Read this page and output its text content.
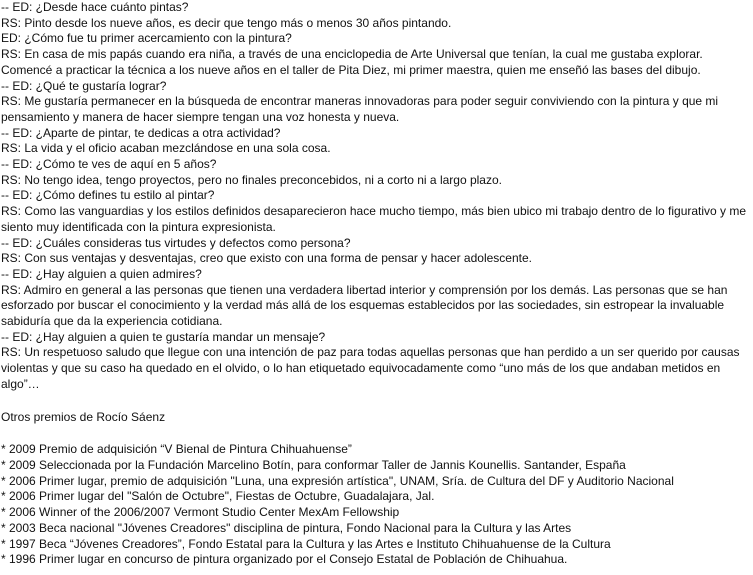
-- ED: ¿Desde hace cuánto pintas?

RS: Pinto desde los nueve años, es decir que tengo más o menos 30 años pintando.

ED: ¿Cómo fue tu primer acercamiento con la pintura?

RS: En casa de mis papás cuando era niña, a través de una enciclopedia de Arte Universal que tenían, la cual me gustaba explorar. Comencé a practicar la técnica a los nueve años en el taller de Pita Diez, mi primer maestra, quien me enseñó las bases del dibujo.

-- ED: ¿Qué te gustaría lograr?

RS: Me gustaría permanecer en la búsqueda de encontrar maneras innovadoras para poder seguir conviviendo con la pintura y que mi pensamiento y manera de hacer siempre tengan una voz honesta y nueva.

-- ED: ¿Aparte de pintar, te dedicas a otra actividad?

RS: La vida y el oficio acaban mezclándose en una sola cosa.

-- ED: ¿Cómo te ves de aquí en 5 años?

RS: No tengo idea, tengo proyectos, pero no finales preconcebidos, ni a corto ni a largo plazo.

-- ED: ¿Cómo defines tu estilo al pintar?

RS: Como las vanguardias y los estilos definidos desaparecieron hace mucho tiempo, más bien ubico mi trabajo dentro de lo figurativo y me siento muy identificada con la pintura expresionista.

-- ED: ¿Cuáles consideras tus virtudes y defectos como persona?

RS: Con sus ventajas y desventajas, creo que existo con una forma de pensar y hacer adolescente.

-- ED: ¿Hay alguien a quien admires?

RS: Admiro en general a las personas que tienen una verdadera libertad interior y comprensión por los demás. Las personas que se han esforzado por buscar el conocimiento y la verdad más allá de los esquemas establecidos por las sociedades, sin estropear la invaluable sabiduría que da la experiencia cotidiana.

-- ED: ¿Hay alguien a quien te gustaría mandar un mensaje?

RS: Un respetuoso saludo que llegue con una intención de paz para todas aquellas personas que han perdido a un ser querido por causas violentas y que su caso ha quedado en el olvido, o lo han etiquetado equivocadamente como “uno más de los que andaban metidos en algo”…

Otros premios de Rocío Sáenz

* 2009 Premio de adquisición “V Bienal de Pintura Chihuahuense”

* 2009 Seleccionada por la Fundación Marcelino Botín, para conformar Taller de Jannis Kounellis. Santander, España

* 2006 Primer lugar, premio de adquisición "Luna, una expresión artística", UNAM, Sría. de Cultura del DF y Auditorio Nacional

* 2006 Primer lugar del "Salón de Octubre", Fiestas de Octubre, Guadalajara, Jal.

* 2006 Winner of the 2006/2007 Vermont Studio Center MexAm Fellowship

* 2003 Beca nacional "Jóvenes Creadores" disciplina de pintura, Fondo Nacional para la Cultura y las Artes

* 1997 Beca “Jóvenes Creadores”, Fondo Estatal para la Cultura y las Artes e Instituto Chihuahuense de la Cultura

* 1996 Primer lugar en concurso de pintura organizado por el Consejo Estatal de Población de Chihuahua.
